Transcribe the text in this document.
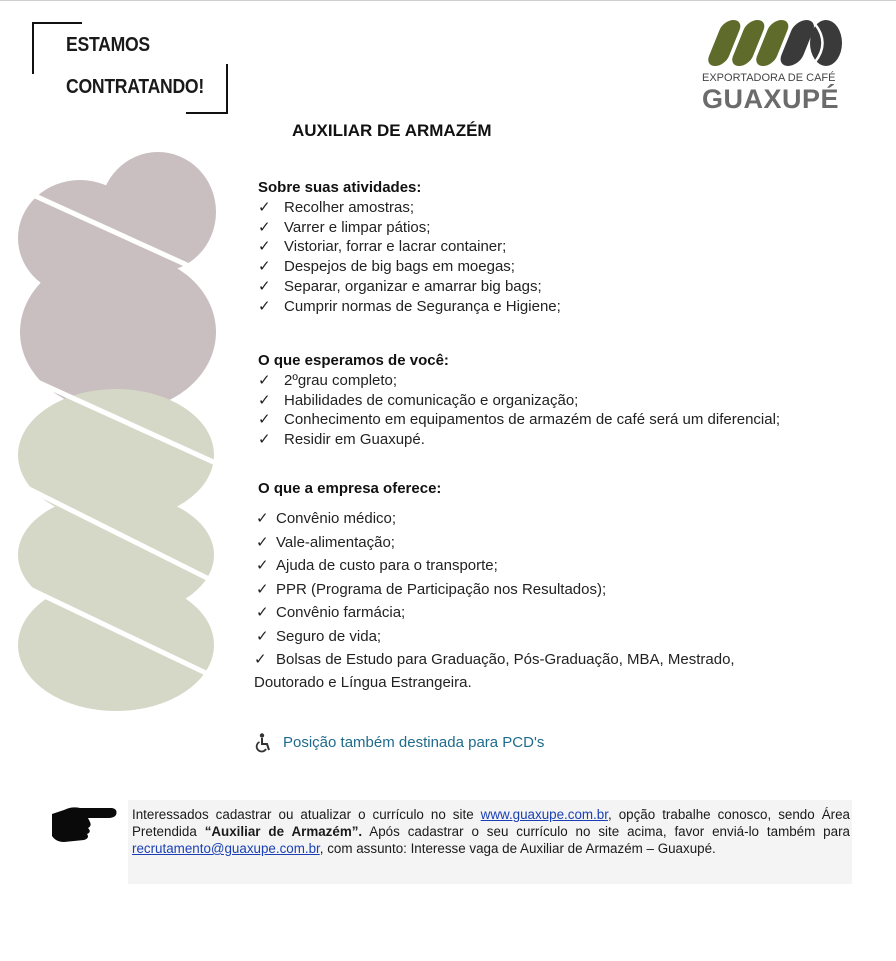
ESTAMOS
CONTRATANDO!	EXPORTADORA DE CAFÉ
GUAXUPÉ
AUXILIAR DE ARMAZÉM
Sobre suas atividades:
✓ Recolher amostras;
✓ Varrer e limpar pátios;
✓ Vistoriar, forrar e lacrar container;
✓ Despejos de big bags em moegas;
✓ Separar, organizar e amarrar big bags;
✓ Cumprir normas de Segurança e Higiene;
O que esperamos de você:
✓ 2ºgrau completo;
✓ Habilidades de comunicação e organização;
✓ Conhecimento em equipamentos de armazém de café será um diferencial;
✓ Residir em Guaxupé.
O que a empresa oferece:
✓ Convênio médico;
✓ Vale-alimentação;
✓ Ajuda de custo para o transporte;
✓ PPR (Programa de Participação nos Resultados);
✓ Convênio farmácia;
✓ Seguro de vida;
✓ Bolsas de Estudo para Graduação, Pós-Graduação, MBA, Mestrado,
Doutorado e Língua Estrangeira.
Posição também destinada para PCD's
Interessados cadastrar ou atualizar o currículo no site www.guaxupe.com.br, opção trabalhe conosco, sendo Área Pretendida “Auxiliar de Armazém”. Após cadastrar o seu currículo no site acima, favor enviá-lo também para recrutamento@guaxupe.com.br, com assunto: Interesse vaga de Auxiliar de Armazém – Guaxupé.
